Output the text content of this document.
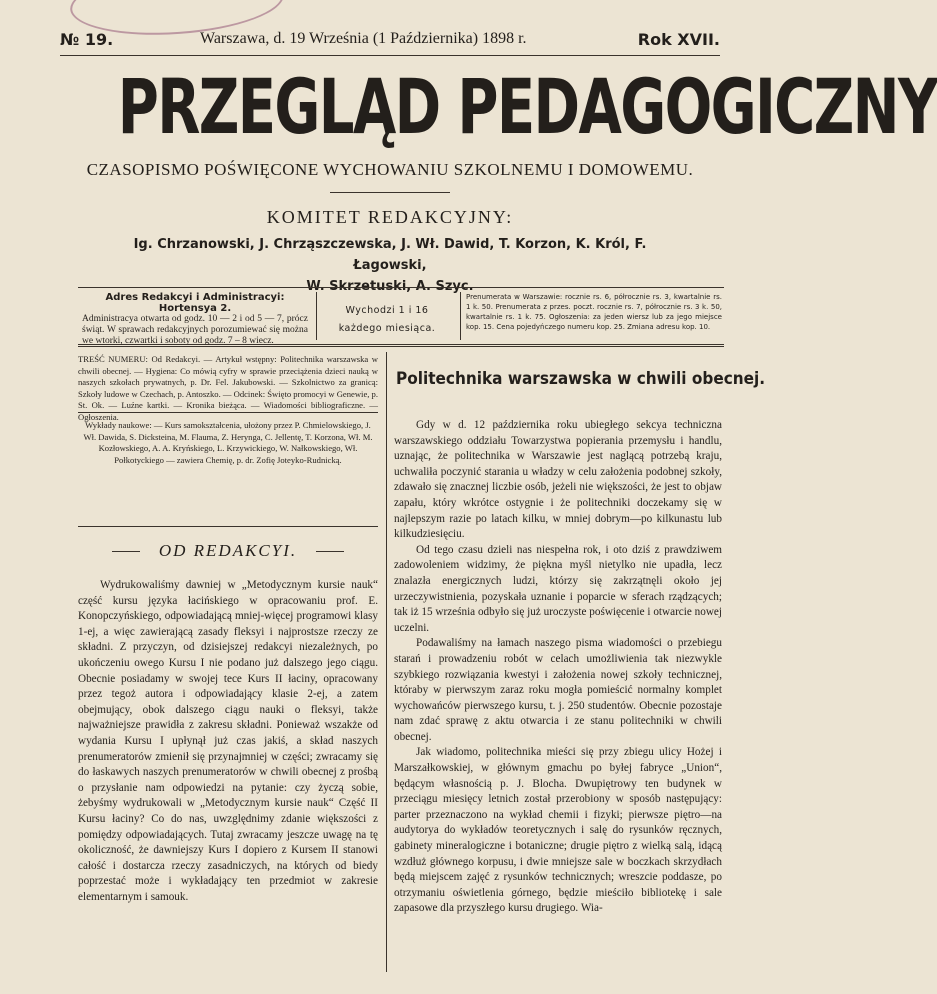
№ 19.	Warszawa, d. 19 Września (1 Października) 1898 r.	Rok XVII.
PRZEGLĄD PEDAGOGICZNY
CZASOPISMO POŚWIĘCONE WYCHOWANIU SZKOLNEMU I DOMOWEMU.
KOMITET REDAKCYJNY:
Ig. Chrzanowski, J. Chrząszczewska, J. Wł. Dawid, T. Korzon, K. Król, F. Łagowski,
W. Skrzetuski, A. Szyc.
Adres Redakcyi i Administracyi: Hortensya 2.
Administracya otwarta od godz. 10 — 2 i od 5 — 7, prócz świąt. W sprawach redakcyjnych porozumiewać się można we wtorki, czwartki i soboty od godz. 7 – 8 wiecz.
Wychodzi 1 i 16
każdego miesiąca.
Prenumerata w Warszawie: rocznie rs. 6, półrocznie rs. 3, kwartalnie rs. 1 k. 50. Prenumerata z przes. poczt. rocznie rs. 7, półrocznie rs. 3 k. 50, kwartalnie rs. 1 k. 75. Ogłoszenia: za jeden wiersz lub za jego miejsce kop. 15. Cena pojedyńczego numeru kop. 25. Zmiana adresu kop. 10.
TREŚĆ NUMERU: Od Redakcyi. — Artykuł wstępny: Politechnika warszawska w chwili obecnej. — Hygiena: Co mówią cyfry w sprawie przeciążenia dzieci nauką w naszych szkołach prywatnych, p. Dr. Fel. Jakubowski. — Szkolnictwo za granicą: Szkoły ludowe w Czechach, p. Antoszko. — Odcinek: Święto promocyi w Genewie, p. St. Ok. — Luźne kartki. — Kronika bieżąca. — Wiadomości bibliograficzne. — Ogłoszenia.
Wykłady naukowe: — Kurs samokształcenia, ułożony przez P. Chmielowskiego, J. Wł. Dawida, S. Dicksteina, M. Flauma, Z. Heryngа, C. Jellentę, T. Korzona, Wł. M. Kozłowskiego, A. A. Kryńskiego, L. Krzywickiego, W. Nałkowskiego, Wł. Połkotyckiego — zawiera Chemię, p. dr. Zofię Joteyko-Rudnicką.
OD REDAKCYI.

Wydrukowaliśmy dawniej w „Metodycznym kursie nauk“ część kursu języka łacińskiego w opracowaniu prof. E. Konopczyńskiego, odpowiadającą mniej-więcej programowi klasy 1-ej, a więc zawierającą zasady fleksyi i najprostsze rzeczy ze składni. Z przyczyn, od dzisiejszej redakcyi niezależnych, po ukończeniu owego Kursu I nie podano już dalszego jego ciągu. Obecnie posiadamy w swojej tece Kurs II łaciny, opracowany przez tegoż autora i odpowiadający klasie 2-ej, a zatem obejmujący, obok dalszego ciągu nauki o fleksyi, także najważniejsze prawidła z zakresu składni. Ponieważ wszakże od wydania Kursu I upłynął już czas jakiś, a skład naszych prenumeratorów zmienił się przynajmniej w części; zwracamy się do łaskawych naszych prenumeratorów w chwili obecnej z prośbą o przysłanie nam odpowiedzi na pytanie: czy życzą sobie, żebyśmy wydrukowali w „Metodycznym kursie nauk“ Część II Kursu łaciny? Co do nas, uwzględnimy zdanie większości z pomiędzy odpowiadających. Tutaj zwracamy jeszcze uwagę na tę okoliczność, że dawniejszy Kurs I dopiero z Kursem II stanowi całość i dostarcza rzeczy zasadniczych, na których od biedy poprzestać może i wykładający ten przedmiot w zakresie elementarnym i samouk.

Politechnika warszawska w chwili obecnej.

Gdy w d. 12 października roku ubiegłego sekcya techniczna warszawskiego oddziału Towarzystwa popierania przemysłu i handlu, uznając, że politechnika w Warszawie jest naglącą potrzebą kraju, uchwaliła poczynić starania u władzy w celu założenia podobnej szkoły, zdawało się znacznej liczbie osób, jeżeli nie większości, że jest to objaw zapału, który wkrótce ostygnie i że politechniki doczekamy się w najlepszym razie po latach kilku, w mniej dobrym—po kilkunastu lub kilkudziesięciu.

Od tego czasu dzieli nas niespełna rok, i oto dziś z prawdziwem zadowoleniem widzimy, że piękna myśl nietylko nie upadła, lecz znalazła energicznych ludzi, którzy się zakrzątnęli około jej urzeczywistnienia, pozyskała uznanie i poparcie w sferach rządzących; tak iż 15 września odbyło się już uroczyste poświęcenie i otwarcie nowej uczelni.

Podawaliśmy na łamach naszego pisma wiadomości o przebiegu starań i prowadzeniu robót w celach umożliwienia tak niezwykle szybkiego rozwiązania kwestyi i założenia nowej szkoły technicznej, któraby w pierwszym zaraz roku mogła pomieścić normalny komplet wychowańców pierwszego kursu, t. j. 250 studentów. Obecnie pozostaje nam zdać sprawę z aktu otwarcia i ze stanu politechniki w chwili obecnej.

Jak wiadomo, politechnika mieści się przy zbiegu ulicy Hożej i Marszałkowskiej, w głównym gmachu po byłej fabryce „Union“, będącym własnością p. J. Blocha. Dwupiętrowy ten budynek w przeciągu miesięcy letnich został przerobiony w sposób następujący: parter przeznaczono na wykład chemii i fizyki; pierwsze piętro—na audytorya do wykładów teoretycznych i salę do rysunków ręcznych, gabinety mineralogiczne i botaniczne; drugie piętro z wielką salą, idącą wzdłuż głównego korpusu, i dwie mniejsze sale w boczkach skrzydłach będą miejscem zajęć z rysunków technicznych; wreszcie poddasze, po otrzymaniu oświetlenia górnego, będzie mieściło bibliotekę i sale zapasowe dla przyszłego kursu drugiego. Wia-
